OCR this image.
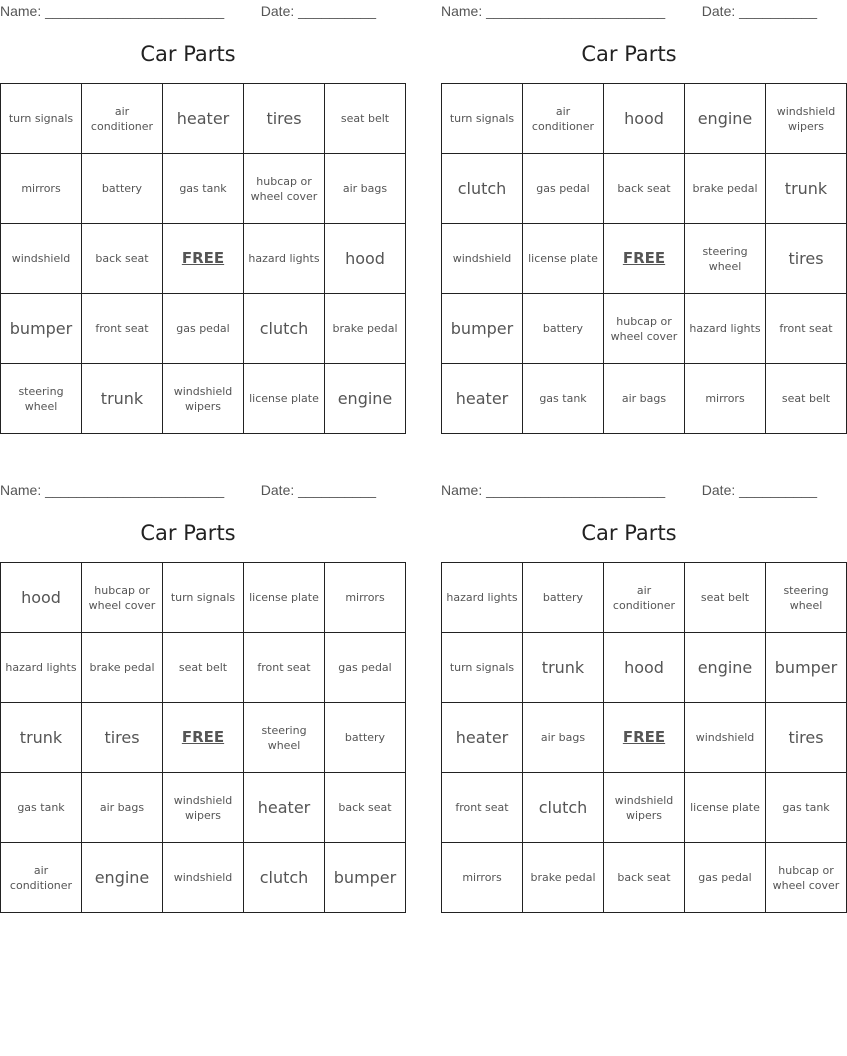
Name: _______________________	Date: __________
Car Parts
turn signals	air conditioner	heater	tires	seat belt
mirrors	battery	gas tank	hubcap or wheel cover	air bags
windshield	back seat	FREE	hazard lights	hood
bumper	front seat	gas pedal	clutch	brake pedal
steering wheel	trunk	windshield wipers	license plate	engine
Name: _______________________	Date: __________
Car Parts
turn signals	air conditioner	hood	engine	windshield wipers
clutch	gas pedal	back seat	brake pedal	trunk
windshield	license plate	FREE	steering wheel	tires
bumper	battery	hubcap or wheel cover	hazard lights	front seat
heater	gas tank	air bags	mirrors	seat belt
Name: _______________________	Date: __________
Car Parts
hood	hubcap or wheel cover	turn signals	license plate	mirrors
hazard lights	brake pedal	seat belt	front seat	gas pedal
trunk	tires	FREE	steering wheel	battery
gas tank	air bags	windshield wipers	heater	back seat
air conditioner	engine	windshield	clutch	bumper
Name: _______________________	Date: __________
Car Parts
hazard lights	battery	air conditioner	seat belt	steering wheel
turn signals	trunk	hood	engine	bumper
heater	air bags	FREE	windshield	tires
front seat	clutch	windshield wipers	license plate	gas tank
mirrors	brake pedal	back seat	gas pedal	hubcap or wheel cover
